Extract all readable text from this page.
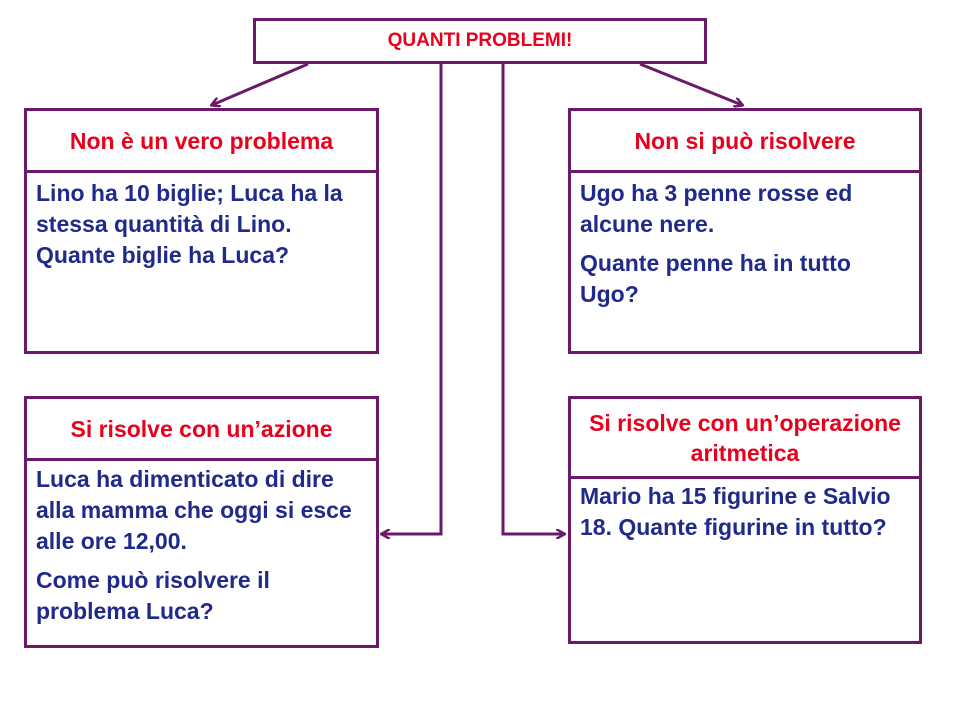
QUANTI PROBLEMI!
Non è un vero problema

Lino ha 10 biglie; Luca ha la stessa quantità di Lino. Quante biglie ha Luca?

Non si può risolvere

Ugo ha 3 penne rosse ed alcune nere.

Quante penne ha in tutto Ugo?

Si risolve con un’azione

Luca ha dimenticato di dire alla mamma che oggi si esce alle ore 12,00.

Come può risolvere il problema Luca?

Si risolve con un’operazione aritmetica

Mario ha 15 figurine e Salvio 18. Quante figurine in tutto?
